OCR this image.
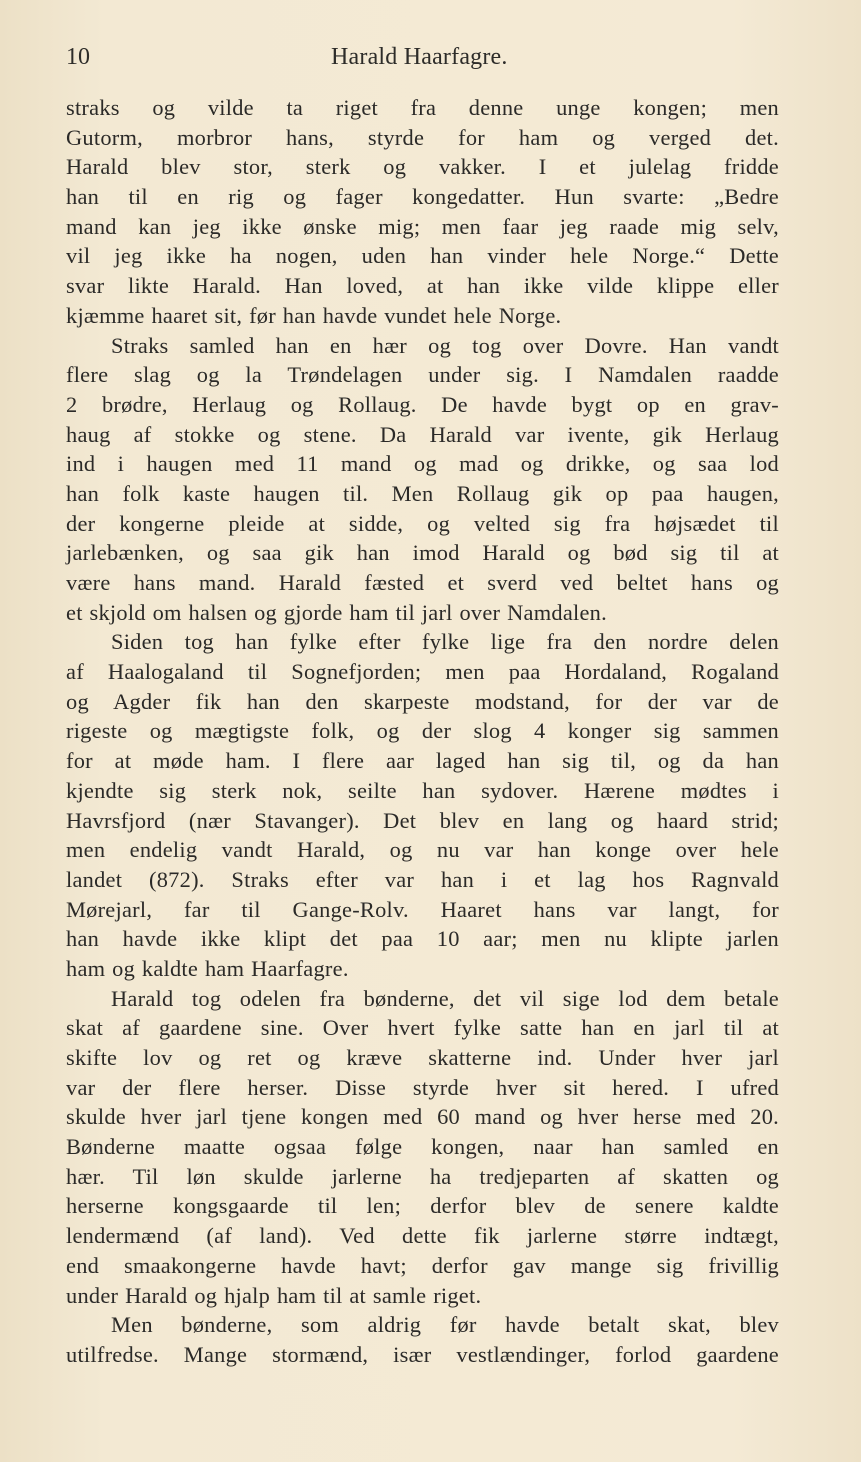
10	Harald Haarfagre.
straks og vilde ta riget fra denne unge kongen; men
Gutorm, morbror hans, styrde for ham og verged det.
Harald blev stor, sterk og vakker. I et julelag fridde
han til en rig og fager kongedatter. Hun svarte: „Bedre
mand kan jeg ikke ønske mig; men faar jeg raade mig selv,
vil jeg ikke ha nogen, uden han vinder hele Norge.“ Dette
svar likte Harald. Han loved, at han ikke vilde klippe eller
kjæmme haaret sit, før han havde vundet hele Norge.
Straks samled han en hær og tog over Dovre. Han vandt
flere slag og la Trøndelagen under sig. I Namdalen raadde
2 brødre, Herlaug og Rollaug. De havde bygt op en grav-
haug af stokke og stene. Da Harald var ivente, gik Herlaug
ind i haugen med 11 mand og mad og drikke, og saa lod
han folk kaste haugen til. Men Rollaug gik op paa haugen,
der kongerne pleide at sidde, og velted sig fra højsædet til
jarlebænken, og saa gik han imod Harald og bød sig til at
være hans mand. Harald fæsted et sverd ved beltet hans og
et skjold om halsen og gjorde ham til jarl over Namdalen.
Siden tog han fylke efter fylke lige fra den nordre delen
af Haalogaland til Sognefjorden; men paa Hordaland, Rogaland
og Agder fik han den skarpeste modstand, for der var de
rigeste og mægtigste folk, og der slog 4 konger sig sammen
for at møde ham. I flere aar laged han sig til, og da han
kjendte sig sterk nok, seilte han sydover. Hærene mødtes i
Havrsfjord (nær Stavanger). Det blev en lang og haard strid;
men endelig vandt Harald, og nu var han konge over hele
landet (872). Straks efter var han i et lag hos Ragnvald
Mørejarl, far til Gange-Rolv. Haaret hans var langt, for
han havde ikke klipt det paa 10 aar; men nu klipte jarlen
ham og kaldte ham Haarfagre.
Harald tog odelen fra bønderne, det vil sige lod dem betale
skat af gaardene sine. Over hvert fylke satte han en jarl til at
skifte lov og ret og kræve skatterne ind. Under hver jarl
var der flere herser. Disse styrde hver sit hered. I ufred
skulde hver jarl tjene kongen med 60 mand og hver herse med 20.
Bønderne maatte ogsaa følge kongen, naar han samled en
hær. Til løn skulde jarlerne ha tredjeparten af skatten og
herserne kongsgaarde til len; derfor blev de senere kaldte
lendermænd (af land). Ved dette fik jarlerne større indtægt,
end smaakongerne havde havt; derfor gav mange sig frivillig
under Harald og hjalp ham til at samle riget.
Men bønderne, som aldrig før havde betalt skat, blev
utilfredse. Mange stormænd, især vestlændinger, forlod gaardene
